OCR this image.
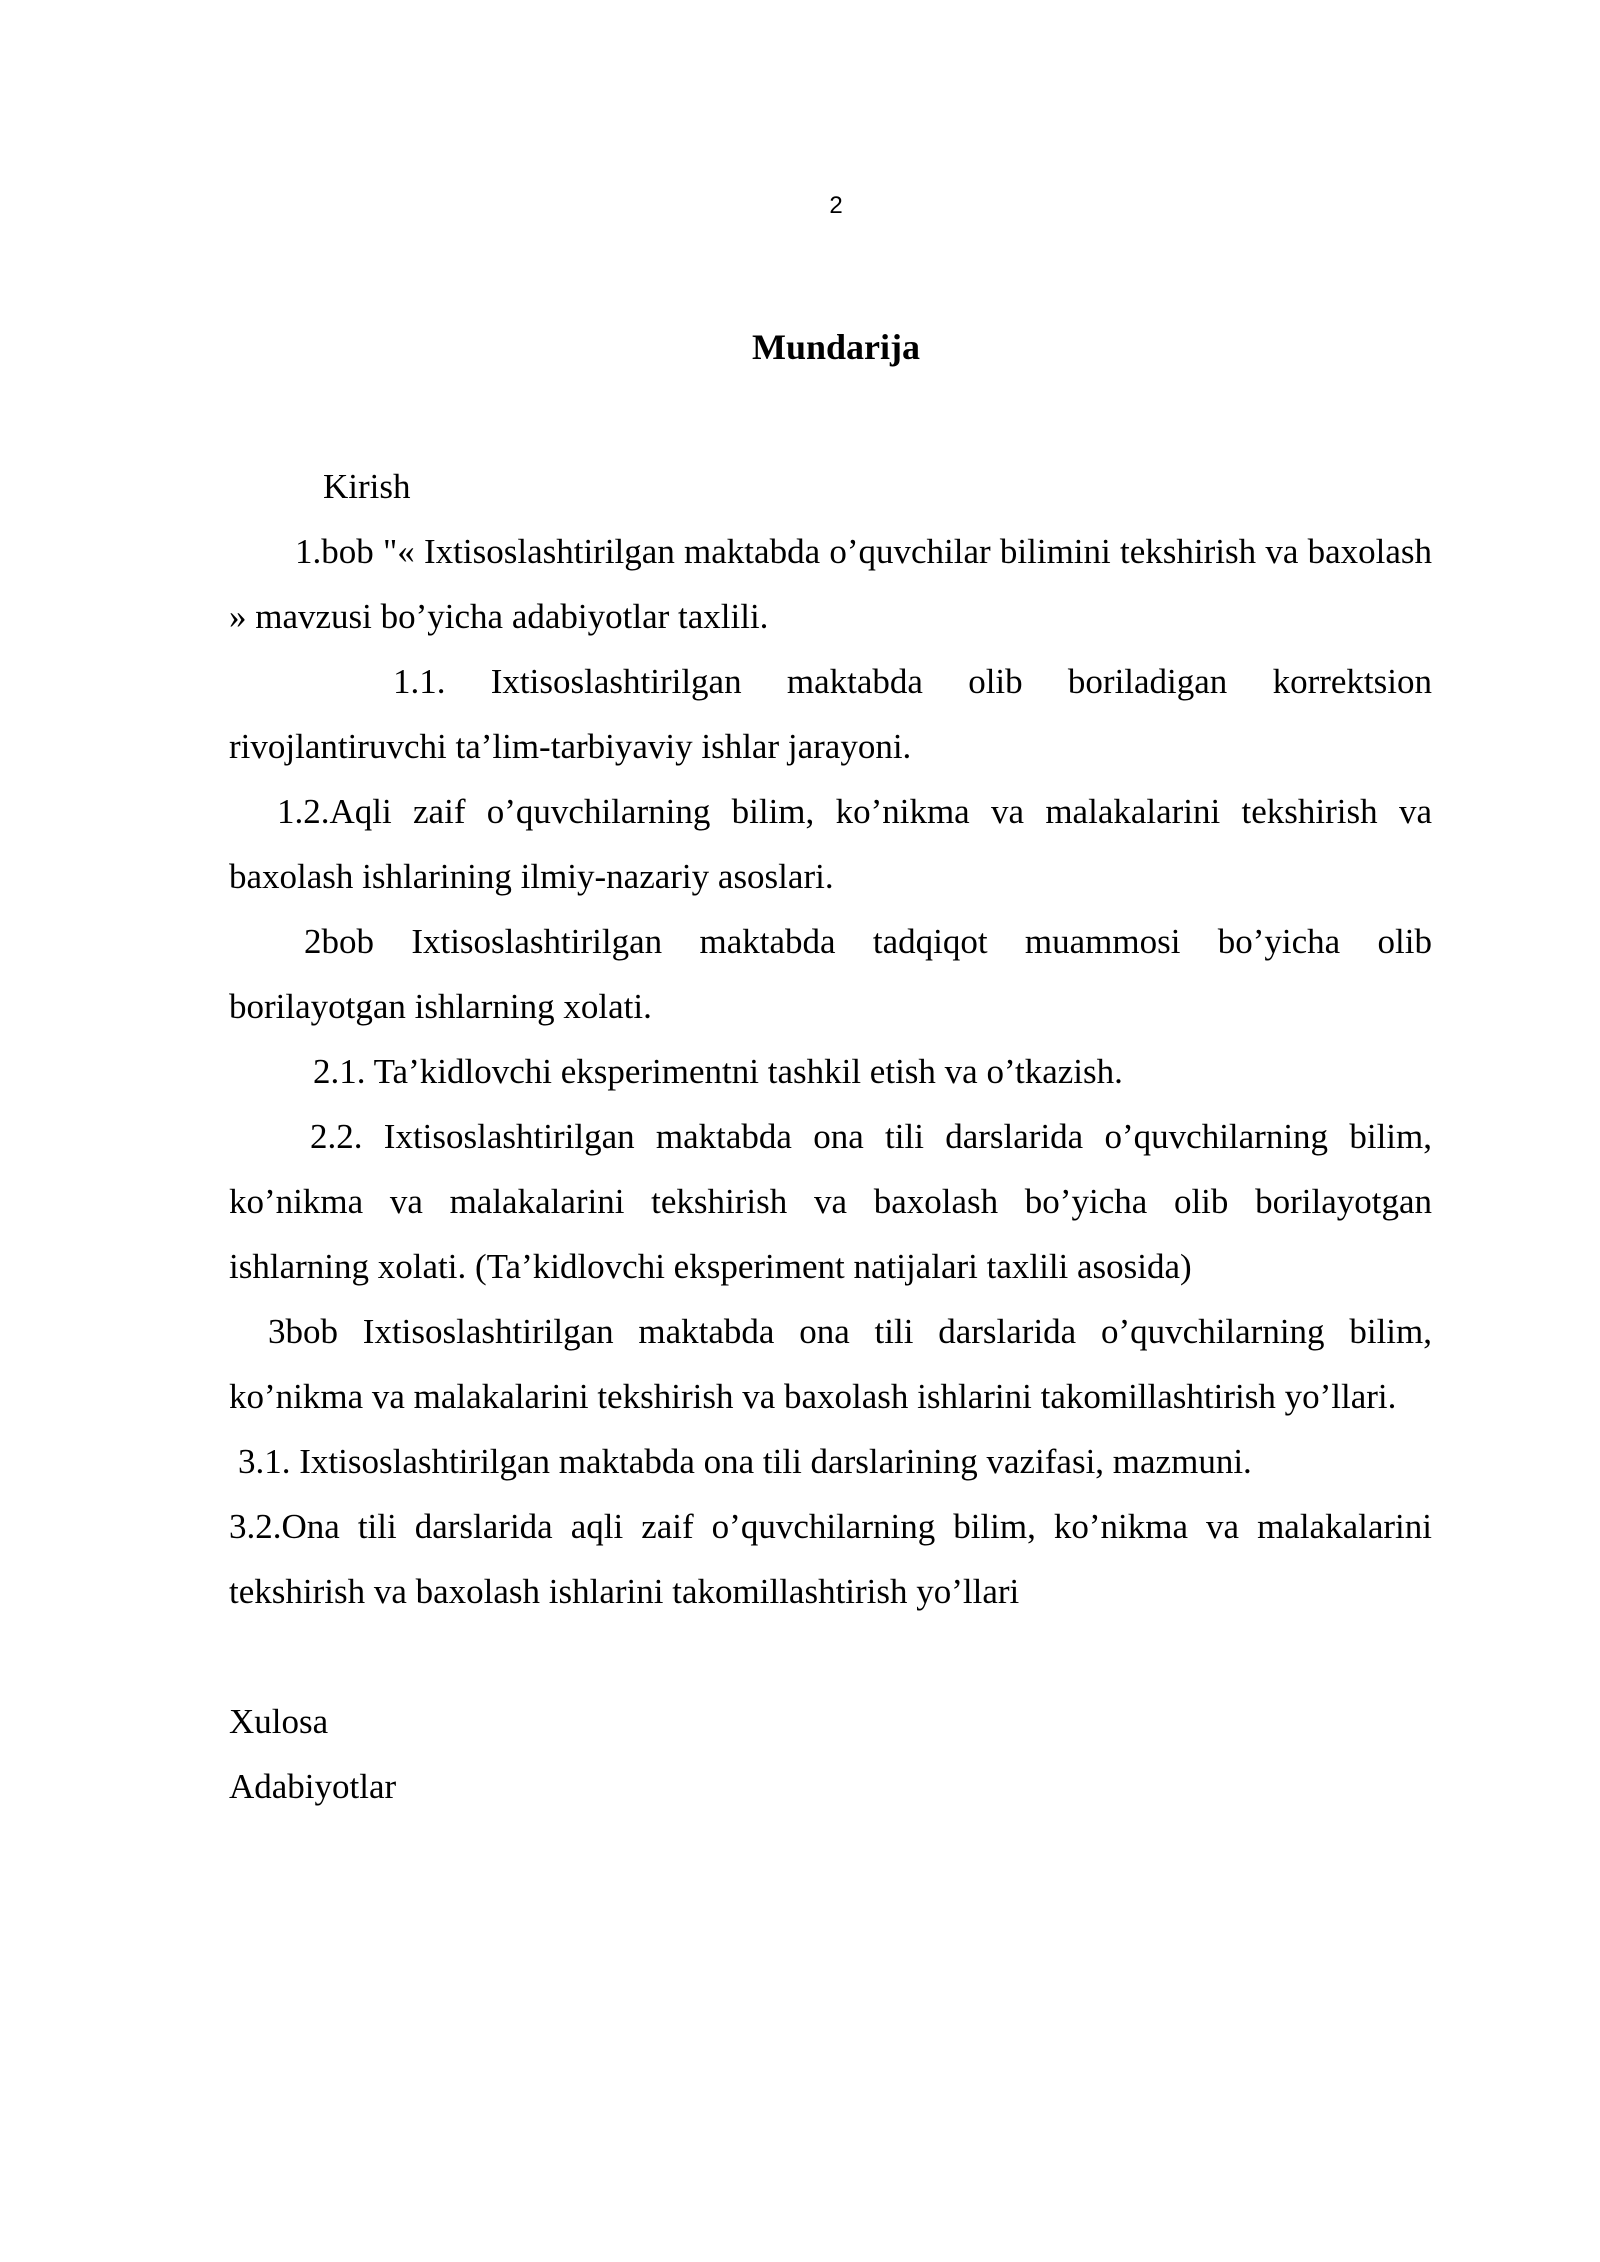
2
Mundarija

Kirish

1.bob "« Ixtisoslashtirilgan maktabda o’quvchilar bilimini tekshirish va baxolash » mavzusi bo’yicha adabiyotlar taxlili.

1.1. Ixtisoslashtirilgan maktabda olib boriladigan korrektsion rivojlantiruvchi ta’lim-tarbiyaviy ishlar jarayoni.

1.2.Aqli zaif o’quvchilarning bilim, ko’nikma va malakalarini tekshirish va baxolash ishlarining ilmiy-nazariy asoslari.

2bob Ixtisoslashtirilgan maktabda tadqiqot muammosi bo’yicha olib borilayotgan ishlarning xolati.

2.1. Ta’kidlovchi eksperimentni tashkil etish va o’tkazish.

2.2. Ixtisoslashtirilgan maktabda ona tili darslarida o’quvchilarning bilim, ko’nikma va malakalarini tekshirish va baxolash bo’yicha olib borilayotgan ishlarning xolati. (Ta’kidlovchi eksperiment natijalari taxlili asosida)

3bob Ixtisoslashtirilgan maktabda ona tili darslarida o’quvchilarning bilim, ko’nikma va malakalarini tekshirish va baxolash ishlarini takomillashtirish yo’llari.

3.1. Ixtisoslashtirilgan maktabda ona tili darslarining vazifasi, mazmuni.

3.2.Ona tili darslarida aqli zaif o’quvchilarning bilim, ko’nikma va malakalarini tekshirish va baxolash ishlarini takomillashtirish yo’llari

Xulosa

Adabiyotlar
